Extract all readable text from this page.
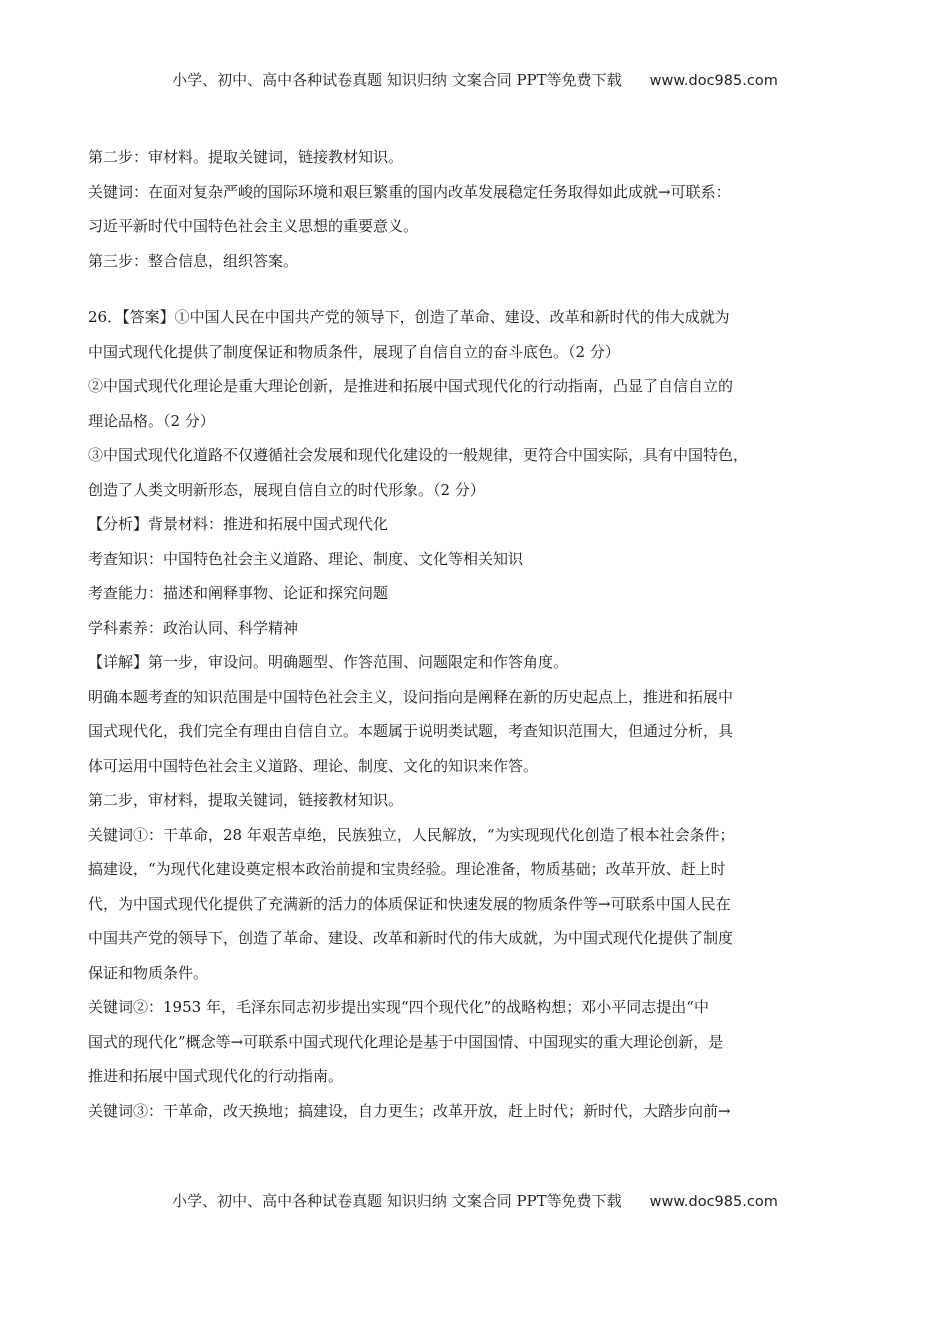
小学、初中、高中各种试卷真题 知识归纳 文案合同 PPT等免费下载 www.doc985.com
第二步：审材料。提取关键词，链接教材知识。
关键词：在面对复杂严峻的国际环境和艰巨繁重的国内改革发展稳定任务取得如此成就→可联系：
习近平新时代中国特色社会主义思想的重要意义。
第三步：整合信息，组织答案。
26．【答案】①中国人民在中国共产党的领导下，创造了革命、建设、改革和新时代的伟大成就为
中国式现代化提供了制度保证和物质条件，展现了自信自立的奋斗底色。（2 分）
②中国式现代化理论是重大理论创新，是推进和拓展中国式现代化的行动指南，凸显了自信自立的
理论品格。（2 分）
③中国式现代化道路不仅遵循社会发展和现代化建设的一般规律，更符合中国实际，具有中国特色，
创造了人类文明新形态，展现自信自立的时代形象。（2 分）
【分析】背景材料：推进和拓展中国式现代化
考查知识：中国特色社会主义道路、理论、制度、文化等相关知识
考查能力：描述和阐释事物、论证和探究问题
学科素养：政治认同、科学精神
【详解】第一步，审设问。明确题型、作答范围、问题限定和作答角度。
明确本题考查的知识范围是中国特色社会主义，设问指向是阐释在新的历史起点上，推进和拓展中
国式现代化，我们完全有理由自信自立。本题属于说明类试题，考查知识范围大，但通过分析，具
体可运用中国特色社会主义道路、理论、制度、文化的知识来作答。
第二步，审材料，提取关键词，链接教材知识。
关键词①：干革命，28 年艰苦卓绝，民族独立，人民解放，“为实现现代化创造了根本社会条件；
搞建设，“为现代化建设奠定根本政治前提和宝贵经验。理论准备，物质基础；改革开放、赶上时
代，为中国式现代化提供了充满新的活力的体质保证和快速发展的物质条件等→可联系中国人民在
中国共产党的领导下，创造了革命、建设、改革和新时代的伟大成就，为中国式现代化提供了制度
保证和物质条件。
关键词②：1953 年，毛泽东同志初步提出实现“四个现代化”的战略构想；邓小平同志提出“中
国式的现代化”概念等→可联系中国式现代化理论是基于中国国情、中国现实的重大理论创新，是
推进和拓展中国式现代化的行动指南。
关键词③：干革命，改天换地；搞建设，自力更生；改革开放，赶上时代；新时代，大踏步向前→
小学、初中、高中各种试卷真题 知识归纳 文案合同 PPT等免费下载 www.doc985.com
